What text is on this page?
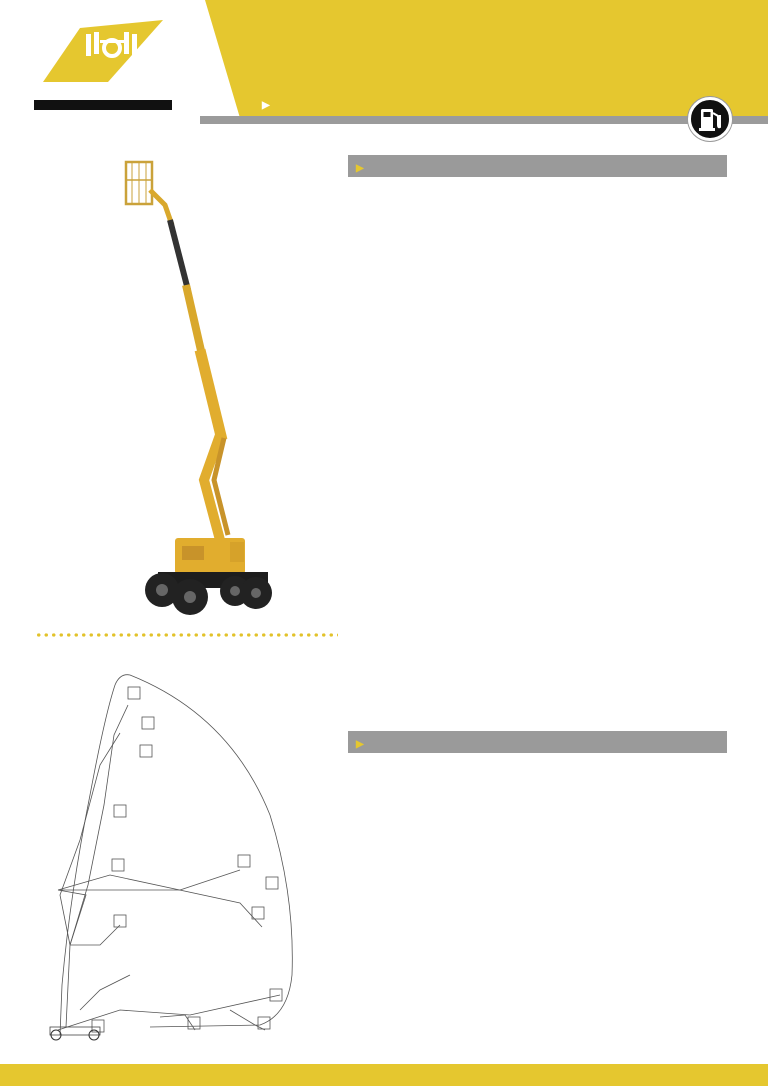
▶
▶
▶
